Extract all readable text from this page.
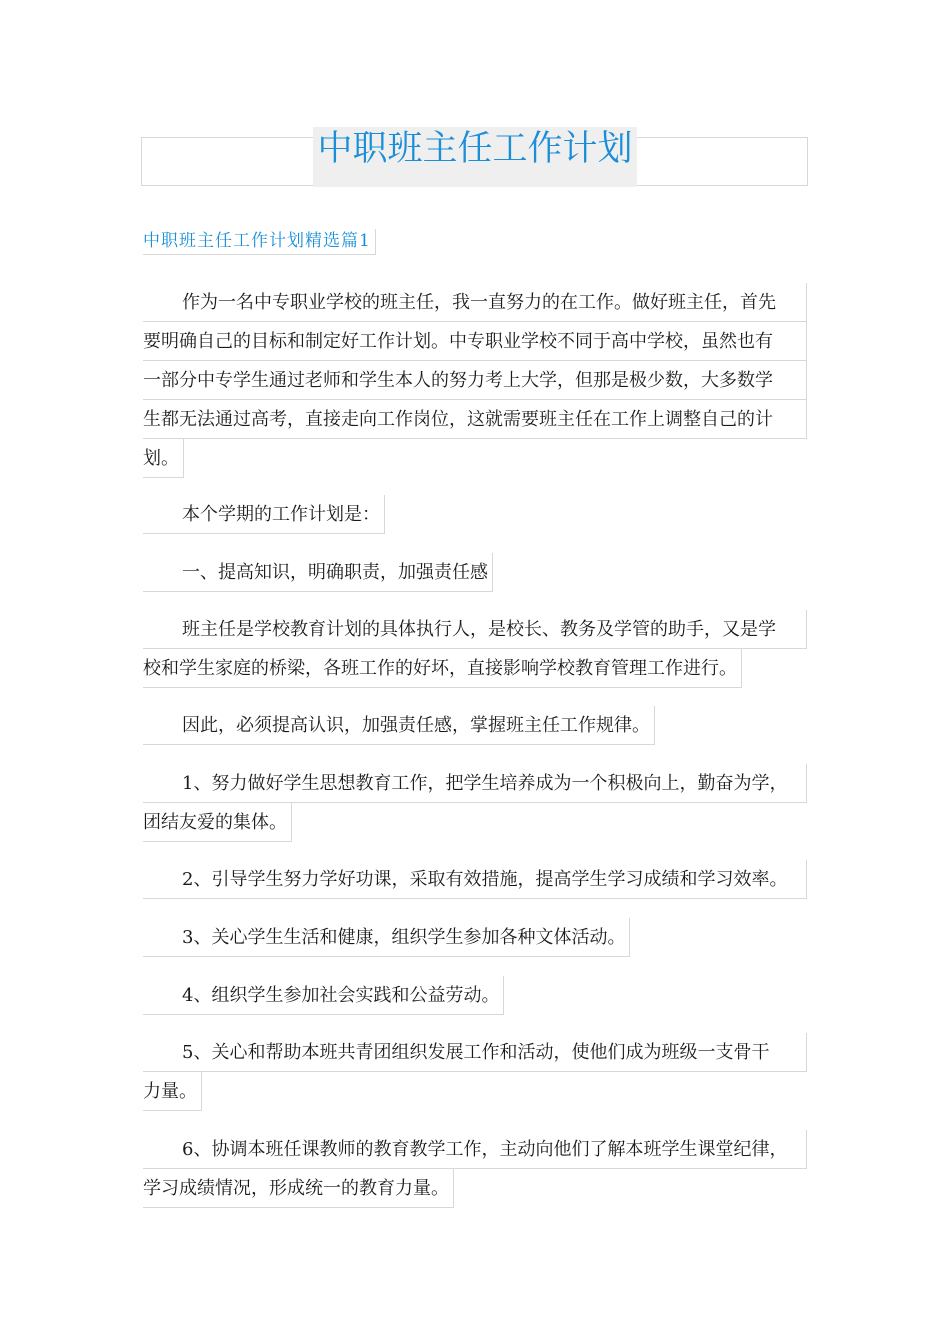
中职班主任工作计划
中职班主任工作计划精选篇1

作为一名中专职业学校的班主任，我一直努力的在工作。做好班主任，首先
要明确自己的目标和制定好工作计划。中专职业学校不同于高中学校，虽然也有
一部分中专学生通过老师和学生本人的努力考上大学，但那是极少数，大多数学
生都无法通过高考，直接走向工作岗位，这就需要班主任在工作上调整自己的计
划。

本个学期的工作计划是：

一、提高知识，明确职责，加强责任感

班主任是学校教育计划的具体执行人，是校长、教务及学管的助手，又是学
校和学生家庭的桥梁，各班工作的好坏，直接影响学校教育管理工作进行。

因此，必须提高认识，加强责任感，掌握班主任工作规律。

1、努力做好学生思想教育工作，把学生培养成为一个积极向上，勤奋为学，
团结友爱的集体。

2、引导学生努力学好功课，采取有效措施，提高学生学习成绩和学习效率。

3、关心学生生活和健康，组织学生参加各种文体活动。

4、组织学生参加社会实践和公益劳动。

5、关心和帮助本班共青团组织发展工作和活动，使他们成为班级一支骨干
力量。

6、协调本班任课教师的教育教学工作，主动向他们了解本班学生课堂纪律，
学习成绩情况，形成统一的教育力量。
